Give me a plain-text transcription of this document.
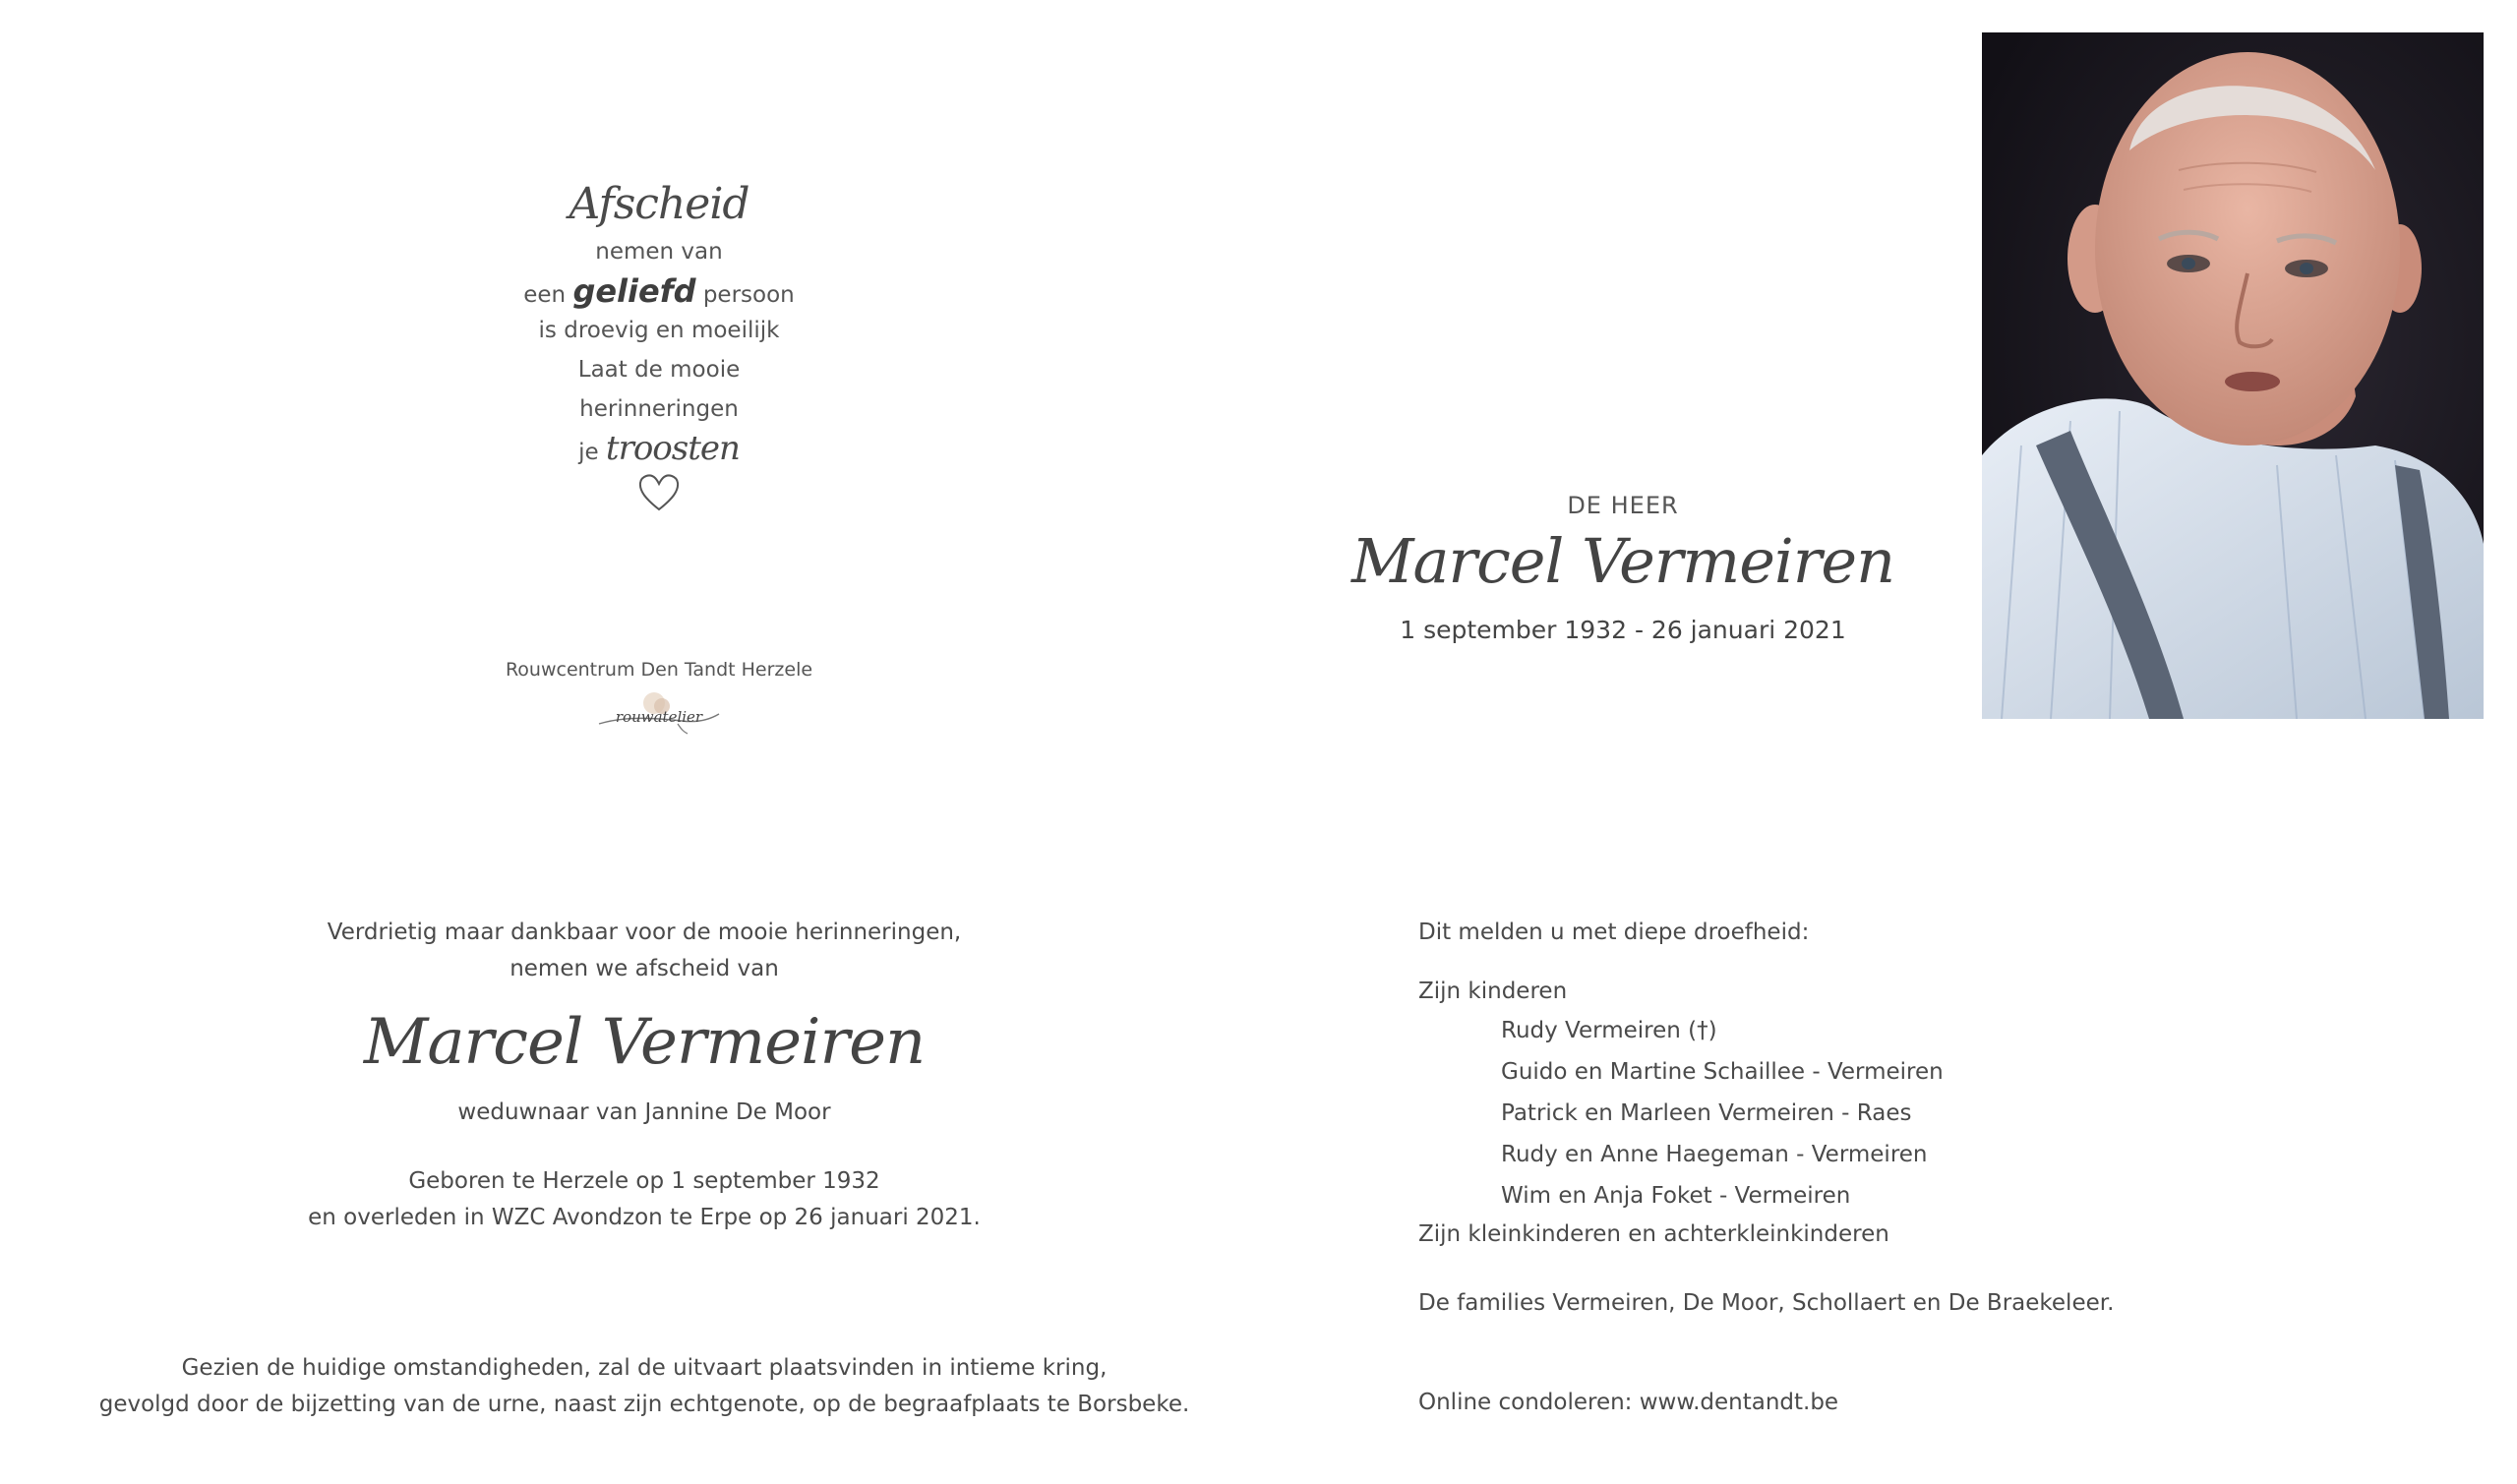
Afscheid
nemen van
een geliefd persoon
is droevig en moeilijk
Laat de mooie
herinneringen
je troosten
Rouwcentrum Den Tandt Herzele
rouwatelier
DE HEER
Marcel Vermeiren
1 september 1932 - 26 januari 2021
Verdrietig maar dankbaar voor de mooie herinneringen,
nemen we afscheid van
Marcel Vermeiren
weduwnaar van Jannine De Moor
Geboren te Herzele op 1 september 1932
en overleden in WZC Avondzon te Erpe op 26 januari 2021.
Gezien de huidige omstandigheden, zal de uitvaart plaatsvinden in intieme kring,
gevolgd door de bijzetting van de urne, naast zijn echtgenote, op de begraafplaats te Borsbeke.
Dit melden u met diepe droefheid:
Zijn kinderen
Rudy Vermeiren (†)
Guido en Martine Schaillee - Vermeiren
Patrick en Marleen Vermeiren - Raes
Rudy en Anne Haegeman - Vermeiren
Wim en Anja Foket - Vermeiren
Zijn kleinkinderen en achterkleinkinderen
De families Vermeiren, De Moor, Schollaert en De Braekeleer.
Online condoleren: www.dentandt.be
